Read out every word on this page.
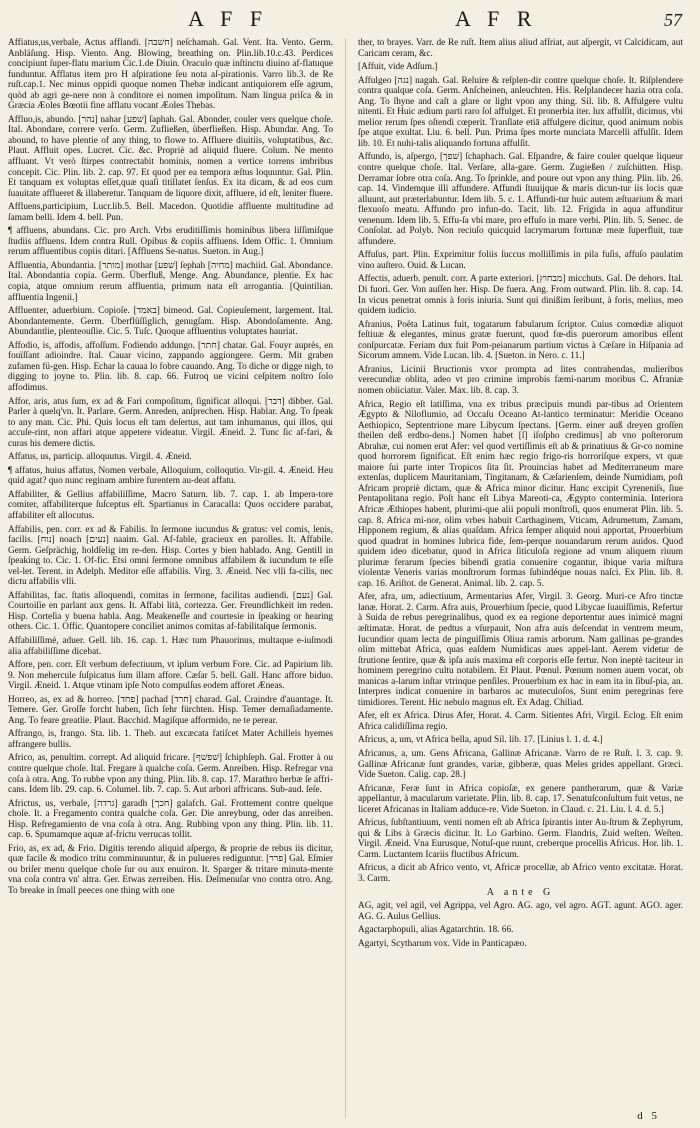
A F F	A F R	57

Affiatus,us,verbale, Actus afflandi. [חשׁבה] neſchamah. Gal. Vent. Ita. Vento. Germ. Anbläſung. Hisp. Viento. Ang. Blowing, breathing on. Plin.lib.10.c.43. Perdices concipiunt ſuper-flatu marium Cic.1.de Diuin. Oraculo quæ inſtinctu diuino af-flatuque funduntur. Afflatus item pro H aſpiratione ſeu nota aſ-pirationis. Varro lib.3. de Re ruſt.cap.1. Nec minus oppidi quoque nomen Thebæ indicant antiquiorem eſſe agrum, quòd ab agri ge-nere non à conditore ei nomen impoſitum. Nam lingua priſca & in Græcia Æoles Bœotii fine afflatu vocant Æoles Thebas.

Affluo,is, abundo. [נהר] nahar [שׁפע] ſaphah. Gal. Abonder, couler vers quelque choſe. Ital. Abondare, correre verſo. Germ. Zufließen, überfließen. Hisp. Abundar. Ang. To abound, to have plentie of any thing, to flowe to. Affluere diuitiis, voluptatibus, &c. Plaut. Affluit opes. Lucret. Cic. &c. Propriè ad aliquid fluere. Colum. Ne mento affluant. Vt verò ſtirpes contrectabit hominis, nomen a vertice torrens imbribus concepit. Cic. Plin. lib. 2. cap. 97. Et quod per ea tempora æſtus loquuntur. Gal. Plin. Et tanquam ex voluptas eſſet,quæ quaſi titillatet ſenſus. Ex ita dicam, & ad eos cum ſuauitate afflueret & illaberetur. Tanquam de liquore dixit, affluere, id eſt, leniter fluere.

Affluens,participium, Lucr.lib.5. Bell. Macedon. Quotidie affluente multitudine ad ſamam belli. Idem 4. bell. Pun.

¶ affluens, abundans. Cic. pro Arch. Vrbs eruditiſſimis hominibus libera liſſimiſque ſtudiis affluens. Idem contra Rull. Opibus & copiis affluens. Idem Offic. 1. Omnium rerum affluentibus copiis ditari. [Affluens Se-natus. Sueton. in Aug.]

Affluentia, Abundantia. [מותר] mothar [שׁפע] ſephah [מחיה] machiid. Gal. Abondance. Ital. Abondantia copia. Germ. Überfluß, Menge. Ang. Abundance, plentie. Ex hac copia, atque omnium rerum affluentia, primum nata eſt arrogantia. [Quintilian. affluentia Ingenii.]

Affluenter, aduerbium. Copioſe. [באמד] bimeod. Gal. Copieuſement, largement. Ital. Abondantemente. Germ. Überflüſſiglich, genugſam. Hisp. Abondoſamente. Ang. Abundantlie, plenteouſlie. Cic. 5. Tuſc. Quoque affluentius voluptates hauriat.

Affodio, is, affodis, affoſſum. Fodiendo addungo. [חתר] chatar. Gal. Fouyr auprès, en fouïſſant adioindre. Ital. Cauar vicino, zappando aggiongere. Germ. Mit graben zufamen fü-gen. Hisp. Echar la cauaa lo fobre cauando. Ang. To diche or digge nigh, to digging to joyne to. Plin. lib. 8. cap. 66. Futroq ue vicini ceſpitem noſtro ſolo affodimus.

Affor, aris, atus ſum, ex ad & Fari compoſitum, ſignificat alloqui. [דבר] dibber. Gal. Parler à quelq'vn. It. Parlare. Germ. Anreden, anſprechen. Hisp. Hablar. Ang. To ſpeak to any man. Cic. Phi. Quis locus eſt tam deſertus, aut tam inhumanus, qui illos, qui accuſe-rint, non affari atque appetere videatur. Virgil. Æneid. 2. Tunc ſic af-fari, & curas his demere dictis.

Affatus, us, particip. alloquutus. Virgil. 4. Æneid.

¶ affatus, huius affatus, Nomen verbale, Alloquium, colloqutio. Vir-gil. 4. Æneid. Heu quid agat? quo nunc reginam ambire furentem au-deat affatu.

Affabiliter, & Gellius affabiliſſime, Macro Saturn. lib. 7. cap. 1. ab Impera-tore comiter, affabiliterque ſuſceptus eſt. Spartianus in Caracalla: Quos occidere parabat, affabiliter eſt allocutus.

Affabilis, pen. corr. ex ad & Fabilis. In ſermone iucundus & gratus: vel comis, lenis, facilis. [נוח] noach [נעים] naaim. Gal. Af-fable, gracieux en parolles. It. Affabile. Germ. Geſprächig, holdſelig im re-den. Hisp. Cortes y bien hablado. Ang. Gentill in ſpeaking to. Cic. 1. Of-fic. Etsi omni ſermone omnibus affabilem & iucundum te eſſe vel-let. Terent. in Adelph. Meditor eſſe affabilis. Virg. 3. Æneid. Nec vlli fa-cilis, nec dictu affabilis vlli.

Affabilitas, fac. ſtatis alloquendi, comitas in ſermone, facilitas audiendi. [נעם] Gal. Courtoiſie en parlant aux gens. It. Affabi lità, cortezza. Ger. Freundlichkeit im reden. Hisp. Corteſia y buena habla. Ang. Meakeneſſe and courtesie in ſpeaking or hearing others. Cic. 1. Offic. Quantopere conciliet animos comitas af-fabilitaſque ſermonis.

Affabiliſſimè, aduer. Gell. lib. 16. cap. 1. Hæc tum Phauorinus, multaque e-iuſmodi alia affabiliſſime dicebat.

Affore, pen. corr. Eſt verbum defectiuum, vt ipſum verbum Fore. Cic. ad Papirium lib. 9. Non mehercule ſuſpicatus ſum illam affore. Cæſar 5. bell. Gall. Hanc affore biduo. Virgil. Æneid. 1. Atque vtinam ipſe Noto compulſus eodem afforet Æneas.

Horreo, as, ex ad & horreo. [פחד] pachad [חרד] charad. Gal. Craindre d'auantage. It. Temere. Ger. Groſſe forcht haben, ſich ſehr fürchten. Hisp. Temer demaſiadamente. Ang. To feare greatlie. Plaut. Bacchid. Magiſque afformido, ne te perear.

Affrango, is, frango. Sta. lib. 1. Theb. aut excæcata fatiſcet Mater Achilleis hyemes affrangere bullis.

Africo, as, penultim. corrept. Ad aliquid fricare. [שׁפשׁף] ſchiphſeph. Gal. Frotter à ou contre quelque choſe. Ital. Fregare à qualche coſa. Germ. Anreiben. Hisp. Refregar vna coſa à otra. Ang. To rubbe vpon any thing. Plin. lib. 8. cap. 17. Marathro herbæ ſe affri-cans. Idem lib. 29. cap. 6. Columel. lib. 7. cap. 5. Aut arbori affricans. Sub-aud. ſeſe.

Africtus, us, verbale, [גרדה] garadh [חכך] galafch. Gal. Frottement contre quelque choſe. It. a Fregamento contra qualche coſa. Ger. Die anreybung, oder das anreiben. Hisp. Refregamiento de vna coſa à otra. Ang. Rubbing vpon any thing. Plin. lib. 11. cap. 6. Spumamque aquæ af-frictu verrucas tollit.

Frio, as, ex ad, & Frio. Digitis terendo aliquid aſpergo, & proprie de rebus iis dicitur, quæ facile & modico tritu comminuuntur, & in pulueres rediguntur. [פרר] Gal. Eſmier ou briſer menu quelque choſe ſur ou aux enuiron. It. Sparger & tritare minuta-mente vna coſa contra vn' altra. Ger. Etwas zerreiben. His. Deſmenuſar vno contra otro. Ang. To breake in ſmall peeces one thing with one

ther, to brayes. Varr. de Re ruſt. Item alius aliud afſriat, aut aſpergit, vt Calcidicam, aut Caricam ceram, &c.

[Affuit, vide Adſum.]

Affulgeo [נגה] nagah. Gal. Reluire & reſplen-dir contre quelque choſe. It. Riſplendere contra qualque coſa. Germ. Anſcheinen, anleuchten. His. Reſplandecer hazia otra coſa. Ang. To ſhyne and caſt a glare or light vpon any thing. Sil. lib. 8. Affulgere vultu nitenti. Et Huic ædium parti raro ſol affulget. Et pronerbia iter. lux affulſit, dicimus, vbi melior rerum ſpes oſtendi cœperit. Tranſlate etiā affulgere dicitur, quod animum nobis ſpe atque exultat. Liu. 6. bell. Pun. Prima ſpes morte nunciata Marcelli affulſit. Idem lib. 10. Et nuhi-talis aliquando fortuna affulſit.

Affundo, is, aſpergo, [שׁפך] ſchaphach. Gal. Eſpandre, & faire couler quelque liqueur contre quelque choſe. Ital. Verſare, alla-gare. Germ. Zugießen / zuſchütten. Hisp. Derramar ſobre otra coſa. Ang. To ſprinkle, and poure out vpon any thing. Plin. lib. 26. cap. 14. Vindemque illi affundere. Affundi ſtuuijque & maris dicun-tur iis locis quæ alluunt, aut præterlabuntur. Idem lib. 5. c. 1. Affundi-tur huic autem æſtuarium & mari flexuoſo meatu. Affundo pro infun-do. Tacit. lib. 12. Frigida in aqua affunditur venenum. Idem lib. 5. Effu-ſa vbi mare, pro effuſo in mare verbi. Plin. lib. 5. Senec. de Conſolat. ad Polyb. Non reciuſo quicquid lacrymarum fortunæ meæ ſuperfluit, tuæ affundere.

Affuſus, part. Plin. Exprimitur foliis ſuccus molliſſimis in pila fuſis, affuſo paulatim vino auſtero. Ouid. & Lucan.

Affectis, aduerb. penult. corr. A parte exteriori. [מבחוץ] micchuts. Gal. De dehors. Ital. Di fuori. Ger. Von auſſen her. Hisp. De fuera. Ang. From outward. Plin. lib. 8. cap. 14. In vicus penetrat omnis à foris iniuria. Sunt qui dinißim ſeribunt, à foris, melius, meo quidem iudicio.

Afranius, Poëta Latinus fuit, togatarum fabularum ſcriptor. Cuius comœdiæ aliquot feſtiuæ & elegantes, minus gratæ fuerunt, quod fœ-dis puerorum amoribus eſſent conſpurcatæ. Feriam dux fuit Pom-peianarum partium victus à Cæſare in Hiſpania ad Sicorum amnem. Vide Lucan. lib. 4. [Sueton. in Nero. c. 11.]

Afranius, Licinii Bructionis vxor prompta ad lites contrahendas, mulieribus verecundiæ oblita, adeo vt pro crimine improbis fæmi-narum moribus C. Afraniæ nomen obiiciatur. Valer. Max. lib. 8. cap. 3.

Africa, Regio eſt latiſſima, vna ex tribus præcipuis mundi par-tibus ad Orientem Ægypto & Niloflumio, ad Occaſu Oceano At-lantico terminatur: Meridie Oceano Aethiopico, Septentrione mare Libycum ſpectans. [Germ. einer auß dreyen groſſen theilen deß erdbo-dens.] Nomen habet [ſ] iſoſpho credimus] ab vno poſterorum Abrahæ, cui nomen erat Afer: vel quod vertiſſimis eſt ab & prinatiuus & Gr-co nomine quod horrorem ſignificat. Eſt enim hæc regio frigo-ris horroriſque expers, vt quæ maiore ſui parte inter Tropicos ſita ſit. Prouincias habet ad Mediterraneum mare extenſas, duplicem Mauritaniam, Tingitanam, & Cæſarienſem, deinde Numidiam, poſt Africam propriè dictam, quæ & Africa minor dicitur. Hanc excipit Cyreneniſs, ſiue Pentapolitana regio. Poſt hanc eſt Libya Mareoti-ca, Ægypto conterminia. Interiora Africæ Æthiopes habent, plurimi-que alii populi monſtroſi, quos enumerat Plin. lib. 5. cap. 8. Africa mi-nor, olim vrbes habuit Carthaginem, Vticam, Adrumetum, Zamam, Hipponem regium, & alias quaſdam. Africa ſemper aliquid noui apportat, Prouerbium quod quadrat in homines lubrica fide, ſem-perque nouandarum rerum auidos. Quod quidem ideo dicebatur, quod in Africa ſiticuloſa regione ad vnum aliquem riuum plurimæ ferarum ſpecies bibendi gratia conuenire cogantur, ibique varia miſtura violentæ Veneris varias monſtrorum formas ſubindéque nouas naſci. Ex Plin. lib. 8. cap. 16. Ariſtot. de Generat. Animal. lib. 2. cap. 5.

Afer, afra, um, adiectiuum, Armentarius Afer, Virgil. 3. Georg. Muri-ce Afro tinctæ lanæ. Horat. 2. Carm. Afra auis, Prouerbium ſpecie, quod Libycae ſuauiſſimis, Refertur à Suida de rebus peregrinalibus, quod ex ea regione deportentur aues inimicè magni æſtimatæ. Horat. de pedtus a vſurpauit, Non afra auis deſcendat in ventrem meum, Iucundior quam lecta de pinguiſſimis Oliua ramis arborum. Nam gallinas pe-grandes olim mittebat Africa, quas eaſdem Numidicas aues appel-lant. Aerem videtur de ſtrutione ſentire, quæ & ipſa auis maxima eſt corporis eſſe fertur. Non ineptè taciteur in hominem peregrino cultu notabilem. Et Plaut. Pœnul. Pœnum nomen auem vocat, ob manicas a-larum inſtar vtrinque penſiles. Prouerbium ex hac in eam ita in ſibuſ-pia, an. Interpres indicat conuenire in barbaros ac muteculoſos, Sunt enim peregrinas fere timidiores. Terent. Hic nebulo magnus eſt. Ex Adag. Chiliad.

Afer, eſt ex Africa. Dirus Afer, Horat. 4. Carm. Sitientes Afri, Virgil. Eclog. Eſt enim Africa calidiſſima regio.

Africus, a, um, vt Africa bella, apud Sil. lib. 17. [Linius l. 1. d. 4.]

Africanus, a, um. Gens Africana, Gallinæ Africanæ. Varro de re Ruſt. l. 3. cap. 9. Gallinæ Africanæ ſunt grandes, variæ, gibberæ, quas Meles grides appellant. Græci. Vide Sueton. Calig. cap. 28.]

Africanæ, Feræ ſunt in Africa copioſæ, ex genere pantherarum, quæ & Variæ appellantur, à macularum varietate. Plin. lib. 8. cap. 17. Senatuſconſultum fuit vetus, ne liceret Africanas in Italiam adduce-re. Vide Sueton. in Claud. c. 21. Liu. l. 4. d. 5.]

Africus, ſubſtantiuum, venti nomen eſt ab Africa ſpirantis inter Au-ſtrum & Zephyrum, qui & Libs à Græcis dicitur. It. Lo Garbino. Germ. Flandris, Zuid weſten. Weſten. Virgil. Æneid. Vna Eurusque, Notuſ-que ruunt, creberque procellis Africus. Hor. lib. 1. Carm. Luctantem Icariis fluctibus Africum.

Africus, a dicit ab Africo vento, vt, Africæ procellæ, ab Africo vento excitatæ. Horat. 3. Carm.

A ante G

AG, agit, vel agil, vel Agrippa, vel Agro. AG. ago, vel agro. AGT. agunt. AGO. ager. AG. G. Aulus Gellius.

Agactarphopuli, alias Agatarchtin. 18. 66.

Agartyi, Scytharum vox. Vide in Panticapæo.

d 5
